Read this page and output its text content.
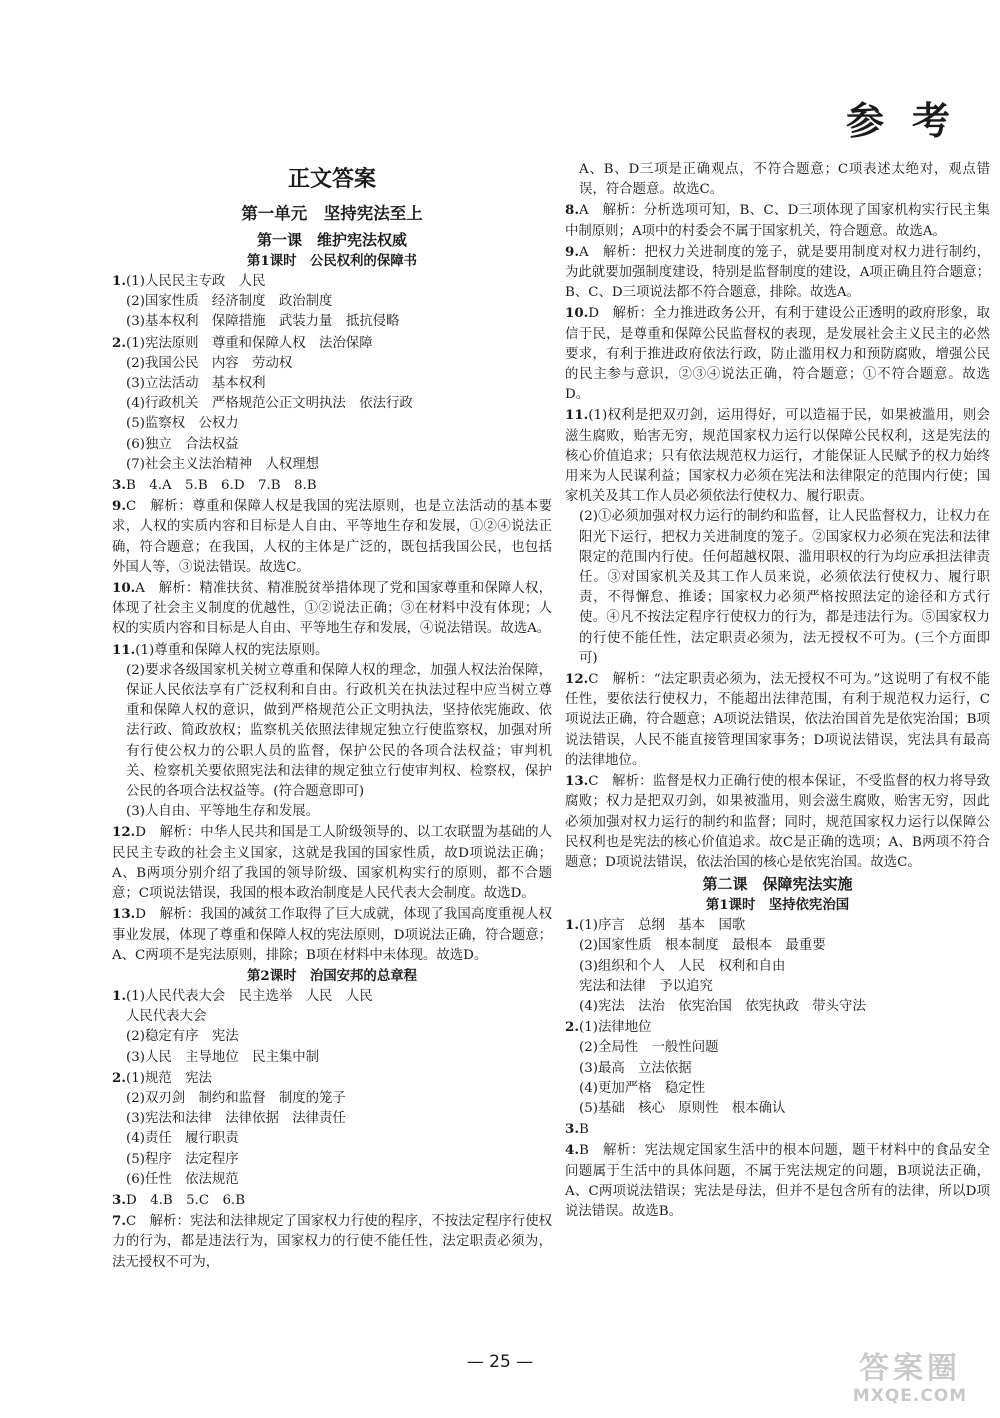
参考
正文答案
第一单元　坚持宪法至上
第一课　维护宪法权威
第1课时　公民权利的保障书
1.(1)人民民主专政　人民
(2)国家性质　经济制度　政治制度
(3)基本权利　保障措施　武装力量　抵抗侵略
2.(1)宪法原则　尊重和保障人权　法治保障
(2)我国公民　内容　劳动权
(3)立法活动　基本权利
(4)行政机关　严格规范公正文明执法　依法行政
(5)监察权　公权力
(6)独立　合法权益
(7)社会主义法治精神　人权理想
3.B　4.A　5.B　6.D　7.B　8.B
9.C　解析：尊重和保障人权是我国的宪法原则，也是立法活动的基本要求，人权的实质内容和目标是人自由、平等地生存和发展，①②④说法正确，符合题意；在我国，人权的主体是广泛的，既包括我国公民，也包括外国人等，③说法错误。故选C。
10.A　解析：精准扶贫、精准脱贫举措体现了党和国家尊重和保障人权，体现了社会主义制度的优越性，①②说法正确；③在材料中没有体现；人权的实质内容和目标是人自由、平等地生存和发展，④说法错误。故选A。
11.(1)尊重和保障人权的宪法原则。
(2)要求各级国家机关树立尊重和保障人权的理念，加强人权法治保障，保证人民依法享有广泛权利和自由。行政机关在执法过程中应当树立尊重和保障人权的意识，做到严格规范公正文明执法，坚持依宪施政、依法行政、简政放权；监察机关依照法律规定独立行使监察权，加强对所有行使公权力的公职人员的监督，保护公民的各项合法权益；审判机关、检察机关要依照宪法和法律的规定独立行使审判权、检察权，保护公民的各项合法权益等。(符合题意即可)
(3)人自由、平等地生存和发展。
12.D　解析：中华人民共和国是工人阶级领导的、以工农联盟为基础的人民民主专政的社会主义国家，这就是我国的国家性质，故D项说法正确；A、B两项分别介绍了我国的领导阶级、国家机构实行的原则，都不合题意；C项说法错误，我国的根本政治制度是人民代表大会制度。故选D。
13.D　解析：我国的减贫工作取得了巨大成就，体现了我国高度重视人权事业发展，体现了尊重和保障人权的宪法原则，D项说法正确，符合题意；A、C两项不是宪法原则，排除；B项在材料中未体现。故选D。
第2课时　治国安邦的总章程
1.(1)人民代表大会　民主选举　人民　人民
人民代表大会
(2)稳定有序　宪法
(3)人民　主导地位　民主集中制
2.(1)规范　宪法
(2)双刃剑　制约和监督　制度的笼子
(3)宪法和法律　法律依据　法律责任
(4)责任　履行职责
(5)程序　法定程序
(6)任性　依法规范
3.D　4.B　5.C　6.B
7.C　解析：宪法和法律规定了国家权力行使的程序，不按法定程序行使权力的行为，都是违法行为，国家权力的行使不能任性，法定职责必须为，法无授权不可为，
A、B、D三项是正确观点，不符合题意；C项表述太绝对，观点错误，符合题意。故选C。
8.A　解析：分析选项可知，B、C、D三项体现了国家机构实行民主集中制原则；A项中的村委会不属于国家机关，符合题意。故选A。
9.A　解析：把权力关进制度的笼子，就是要用制度对权力进行制约，为此就要加强制度建设，特别是监督制度的建设，A项正确且符合题意；B、C、D三项说法都不符合题意，排除。故选A。
10.D　解析：全力推进政务公开，有利于建设公正透明的政府形象，取信于民，是尊重和保障公民监督权的表现，是发展社会主义民主的必然要求，有利于推进政府依法行政，防止滥用权力和预防腐败，增强公民的民主参与意识，②③④说法正确，符合题意；①不符合题意。故选D。
11.(1)权利是把双刃剑，运用得好，可以造福于民，如果被滥用，则会滋生腐败，贻害无穷，规范国家权力运行以保障公民权利，这是宪法的核心价值追求；只有依法规范权力运行，才能保证人民赋予的权力始终用来为人民谋利益；国家权力必须在宪法和法律限定的范围内行使；国家机关及其工作人员必须依法行使权力、履行职责。
(2)①必须加强对权力运行的制约和监督，让人民监督权力，让权力在阳光下运行，把权力关进制度的笼子。②国家权力必须在宪法和法律限定的范围内行使。任何超越权限、滥用职权的行为均应承担法律责任。③对国家机关及其工作人员来说，必须依法行使权力、履行职责，不得懈怠、推诿；国家权力必须严格按照法定的途径和方式行使。④凡不按法定程序行使权力的行为，都是违法行为。⑤国家权力的行使不能任性，法定职责必须为，法无授权不可为。(三个方面即可)
12.C　解析：“法定职责必须为，法无授权不可为。”这说明了有权不能任性，要依法行使权力，不能超出法律范围，有利于规范权力运行，C项说法正确，符合题意；A项说法错误，依法治国首先是依宪治国；B项说法错误，人民不能直接管理国家事务；D项说法错误，宪法具有最高的法律地位。
13.C　解析：监督是权力正确行使的根本保证，不受监督的权力将导致腐败；权力是把双刃剑，如果被滥用，则会滋生腐败，贻害无穷，因此必须加强对权力运行的制约和监督；同时，规范国家权力运行以保障公民权利也是宪法的核心价值追求。故C是正确的选项；A、B两项不符合题意；D项说法错误，依法治国的核心是依宪治国。故选C。
第二课　保障宪法实施
第1课时　坚持依宪治国
1.(1)序言　总纲　基本　国歌
(2)国家性质　根本制度　最根本　最重要
(3)组织和个人　人民　权利和自由
宪法和法律　予以追究
(4)宪法　法治　依宪治国　依宪执政　带头守法
2.(1)法律地位
(2)全局性　一般性问题
(3)最高　立法依据
(4)更加严格　稳定性
(5)基础　核心　原则性　根本确认
3.B
4.B　解析：宪法规定国家生活中的根本问题，题干材料中的食品安全问题属于生活中的具体问题，不属于宪法规定的问题，B项说法正确，A、C两项说法错误；宪法是母法，但并不是包含所有的法律，所以D项说法错误。故选B。
— 25 —	答案圈
MXQE.COM
